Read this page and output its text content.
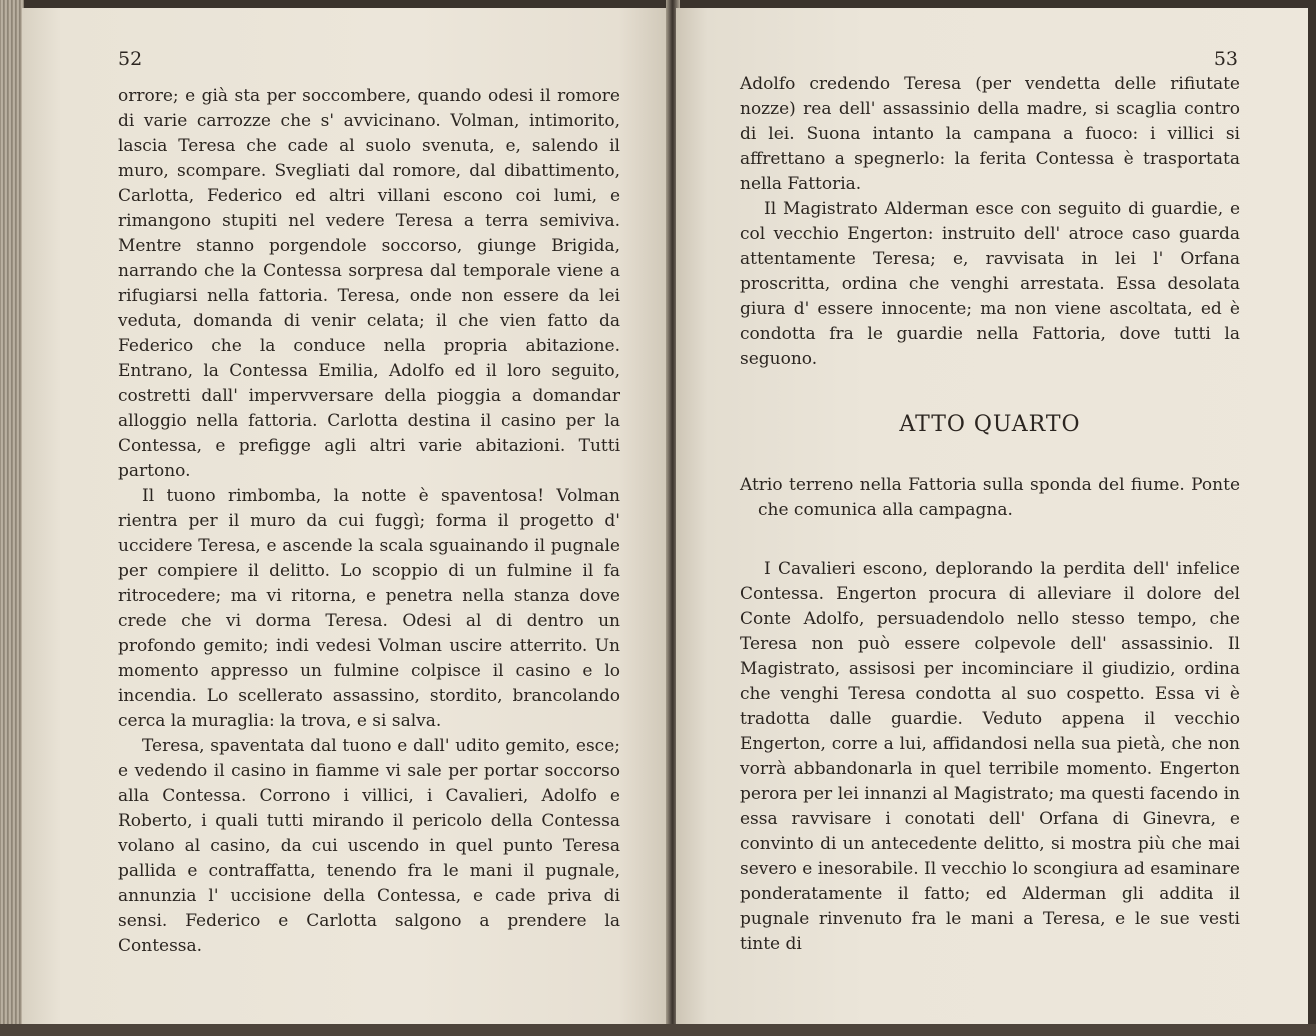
52

orrore; e già sta per soccombere, quando odesi il romore di varie carrozze che s' avvicinano. Volman, intimorito, lascia Teresa che cade al suolo svenuta, e, salendo il muro, scompare. Svegliati dal romore, dal dibattimento, Carlotta, Federico ed altri villani escono coi lumi, e rimangono stupiti nel vedere Teresa a terra semiviva. Mentre stanno porgendole soccorso, giunge Brigida, narrando che la Contessa sorpresa dal temporale viene a rifugiarsi nella fattoria. Teresa, onde non essere da lei veduta, domanda di venir celata; il che vien fatto da Federico che la conduce nella propria abitazione. Entrano, la Contessa Emilia, Adolfo ed il loro seguito, costretti dall' impervversare della pioggia a domandar alloggio nella fattoria. Carlotta destina il casino per la Contessa, e prefigge agli altri varie abitazioni. Tutti partono.

Il tuono rimbomba, la notte è spaventosa! Volman rientra per il muro da cui fuggì; forma il progetto d' uccidere Teresa, e ascende la scala sguainando il pugnale per compiere il delitto. Lo scoppio di un fulmine il fa ritrocedere; ma vi ritorna, e penetra nella stanza dove crede che vi dorma Teresa. Odesi al di dentro un profondo gemito; indi vedesi Volman uscire atterrito. Un momento appresso un fulmine colpisce il casino e lo incendia. Lo scellerato assassino, stordito, brancolando cerca la muraglia: la trova, e si salva.

Teresa, spaventata dal tuono e dall' udito gemito, esce; e vedendo il casino in fiamme vi sale per portar soccorso alla Contessa. Corrono i villici, i Cavalieri, Adolfo e Roberto, i quali tutti mirando il pericolo della Contessa volano al casino, da cui uscendo in quel punto Teresa pallida e contraffatta, tenendo fra le mani il pugnale, annunzia l' uccisione della Contessa, e cade priva di sensi. Federico e Carlotta salgono a prendere la Contessa.

53

Adolfo credendo Teresa (per vendetta delle rifiutate nozze) rea dell' assassinio della madre, si scaglia contro di lei. Suona intanto la campana a fuoco: i villici si affrettano a spegnerlo: la ferita Contessa è trasportata nella Fattoria.

Il Magistrato Alderman esce con seguito di guardie, e col vecchio Engerton: instruito dell' atroce caso guarda attentamente Teresa; e, ravvisata in lei l' Orfana proscritta, ordina che venghi arrestata. Essa desolata giura d' essere innocente; ma non viene ascoltata, ed è condotta fra le guardie nella Fattoria, dove tutti la seguono.

ATTO QUARTO

Atrio terreno nella Fattoria sulla sponda del fiume. Ponte che comunica alla campagna.

I Cavalieri escono, deplorando la perdita dell' infelice Contessa. Engerton procura di alleviare il dolore del Conte Adolfo, persuadendolo nello stesso tempo, che Teresa non può essere colpevole dell' assassinio. Il Magistrato, assisosi per incominciare il giudizio, ordina che venghi Teresa condotta al suo cospetto. Essa vi è tradotta dalle guardie. Veduto appena il vecchio Engerton, corre a lui, affidandosi nella sua pietà, che non vorrà abbandonarla in quel terribile momento. Engerton perora per lei innanzi al Magistrato; ma questi facendo in essa ravvisare i conotati dell' Orfana di Ginevra, e convinto di un antecedente delitto, si mostra più che mai severo e inesorabile. Il vecchio lo scongiura ad esaminare ponderatamente il fatto; ed Alderman gli addita il pugnale rinvenuto fra le mani a Teresa, e le sue vesti tinte di
